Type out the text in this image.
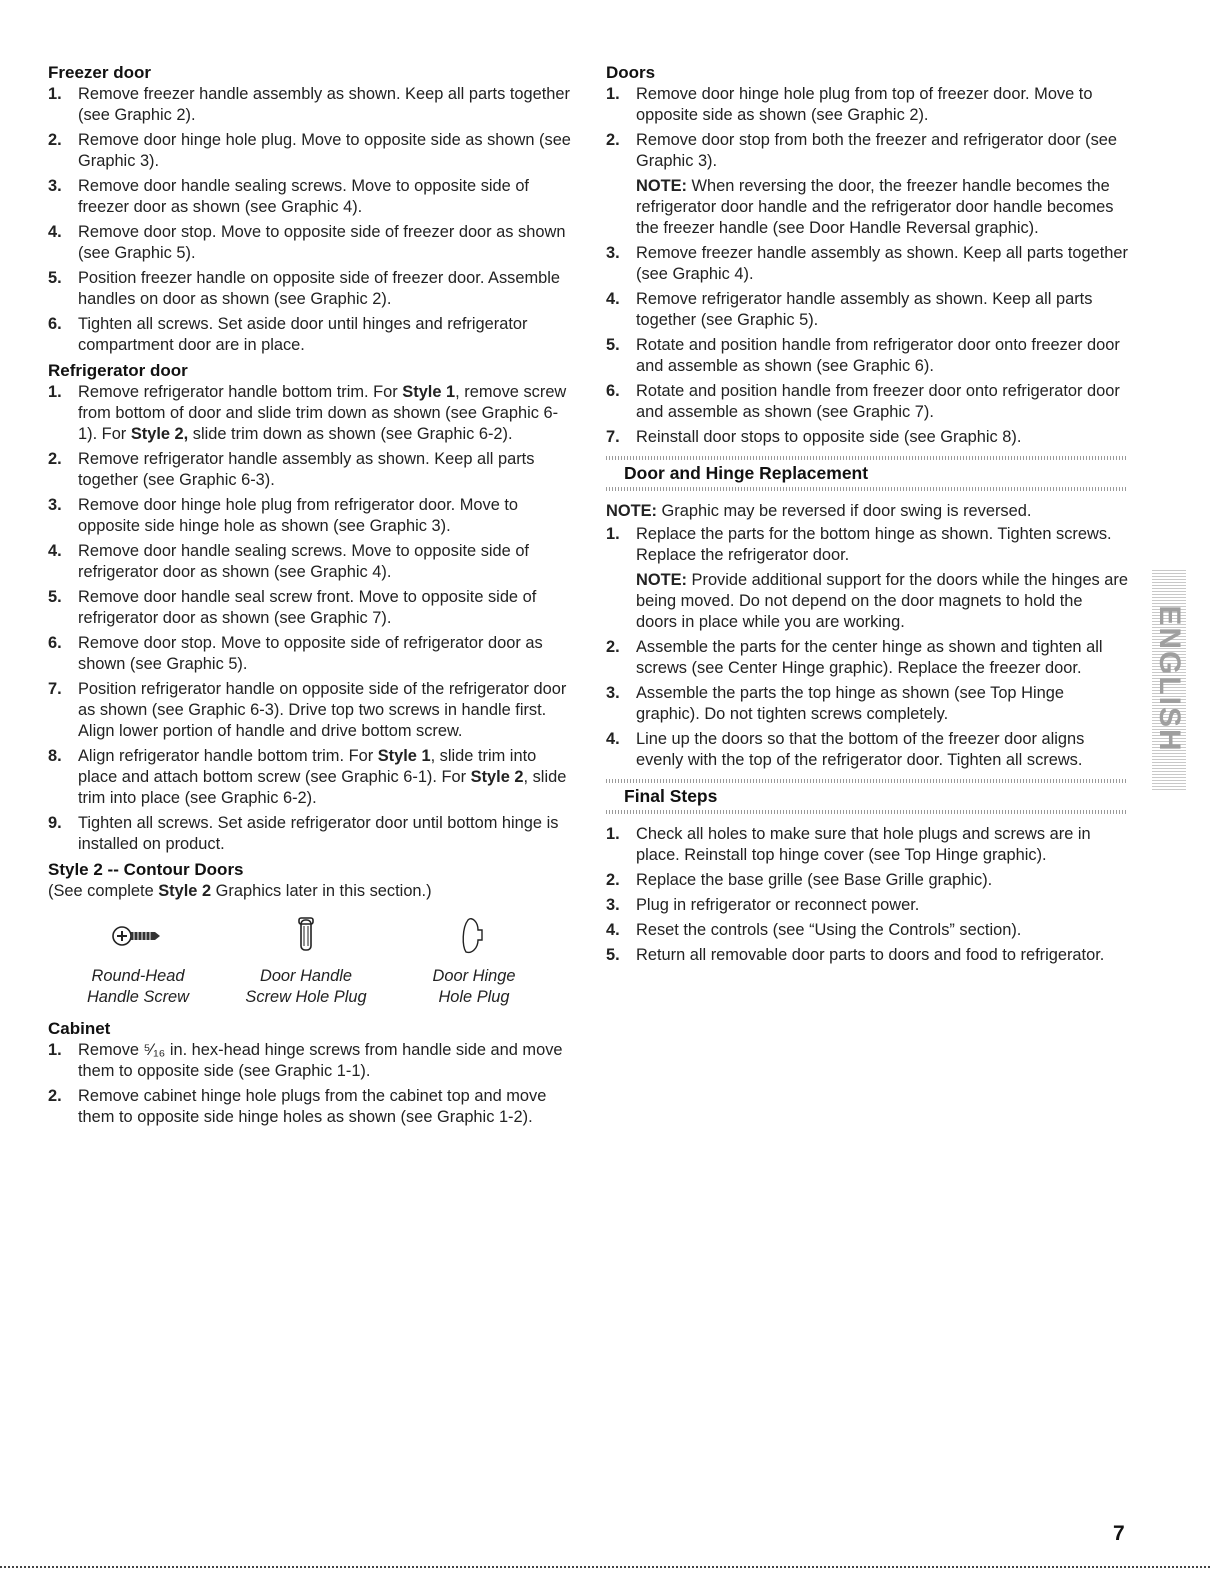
Freezer door
1. Remove freezer handle assembly as shown. Keep all parts together (see Graphic 2).
2. Remove door hinge hole plug. Move to opposite side as shown (see Graphic 3).
3. Remove door handle sealing screws. Move to opposite side of freezer door as shown (see Graphic 4).
4. Remove door stop. Move to opposite side of freezer door as shown (see Graphic 5).
5. Position freezer handle on opposite side of freezer door. Assemble handles on door as shown (see Graphic 2).
6. Tighten all screws. Set aside door until hinges and refrigerator compartment door are in place.
Refrigerator door
1. Remove refrigerator handle bottom trim. For Style 1, remove screw from bottom of door and slide trim down as shown (see Graphic 6-1). For Style 2, slide trim down as shown (see Graphic 6-2).
2. Remove refrigerator handle assembly as shown. Keep all parts together (see Graphic 6-3).
3. Remove door hinge hole plug from refrigerator door. Move to opposite side hinge hole as shown (see Graphic 3).
4. Remove door handle sealing screws. Move to opposite side of refrigerator door as shown (see Graphic 4).
5. Remove door handle seal screw front. Move to opposite side of refrigerator door as shown (see Graphic 7).
6. Remove door stop. Move to opposite side of refrigerator door as shown (see Graphic 5).
7. Position refrigerator handle on opposite side of the refrigerator door as shown (see Graphic 6-3). Drive top two screws in handle first. Align lower portion of handle and drive bottom screw.
8. Align refrigerator handle bottom trim. For Style 1, slide trim into place and attach bottom screw (see Graphic 6-1). For Style 2, slide trim into place (see Graphic 6-2).
9. Tighten all screws. Set aside refrigerator door until bottom hinge is installed on product.
Style 2 -- Contour Doors
(See complete Style 2 Graphics later in this section.)
Round-Head
Handle Screw
Door Handle
Screw Hole Plug
Door Hinge
Hole Plug
Cabinet
1. Remove ⁵⁄₁₆ in. hex-head hinge screws from handle side and move them to opposite side (see Graphic 1-1).
2. Remove cabinet hinge hole plugs from the cabinet top and move them to opposite side hinge holes as shown (see Graphic 1-2).
Doors
1. Remove door hinge hole plug from top of freezer door. Move to opposite side as shown (see Graphic 2).
2. Remove door stop from both the freezer and refrigerator door (see Graphic 3).
NOTE: When reversing the door, the freezer handle becomes the refrigerator door handle and the refrigerator door handle becomes the freezer handle (see Door Handle Reversal graphic).
3. Remove freezer handle assembly as shown. Keep all parts together (see Graphic 4).
4. Remove refrigerator handle assembly as shown. Keep all parts together (see Graphic 5).
5. Rotate and position handle from refrigerator door onto freezer door and assemble as shown (see Graphic 6).
6. Rotate and position handle from freezer door onto refrigerator door and assemble as shown (see Graphic 7).
7. Reinstall door stops to opposite side (see Graphic 8).
Door and Hinge Replacement
NOTE: Graphic may be reversed if door swing is reversed.
1. Replace the parts for the bottom hinge as shown. Tighten screws. Replace the refrigerator door.
NOTE: Provide additional support for the doors while the hinges are being moved. Do not depend on the door magnets to hold the doors in place while you are working.
2. Assemble the parts for the center hinge as shown and tighten all screws (see Center Hinge graphic). Replace the freezer door.
3. Assemble the parts the top hinge as shown (see Top Hinge graphic). Do not tighten screws completely.
4. Line up the doors so that the bottom of the freezer door aligns evenly with the top of the refrigerator door. Tighten all screws.
Final Steps
1. Check all holes to make sure that hole plugs and screws are in place. Reinstall top hinge cover (see Top Hinge graphic).
2. Replace the base grille (see Base Grille graphic).
3. Plug in refrigerator or reconnect power.
4. Reset the controls (see “Using the Controls” section).
5. Return all removable door parts to doors and food to refrigerator.
ENGLISH
7
